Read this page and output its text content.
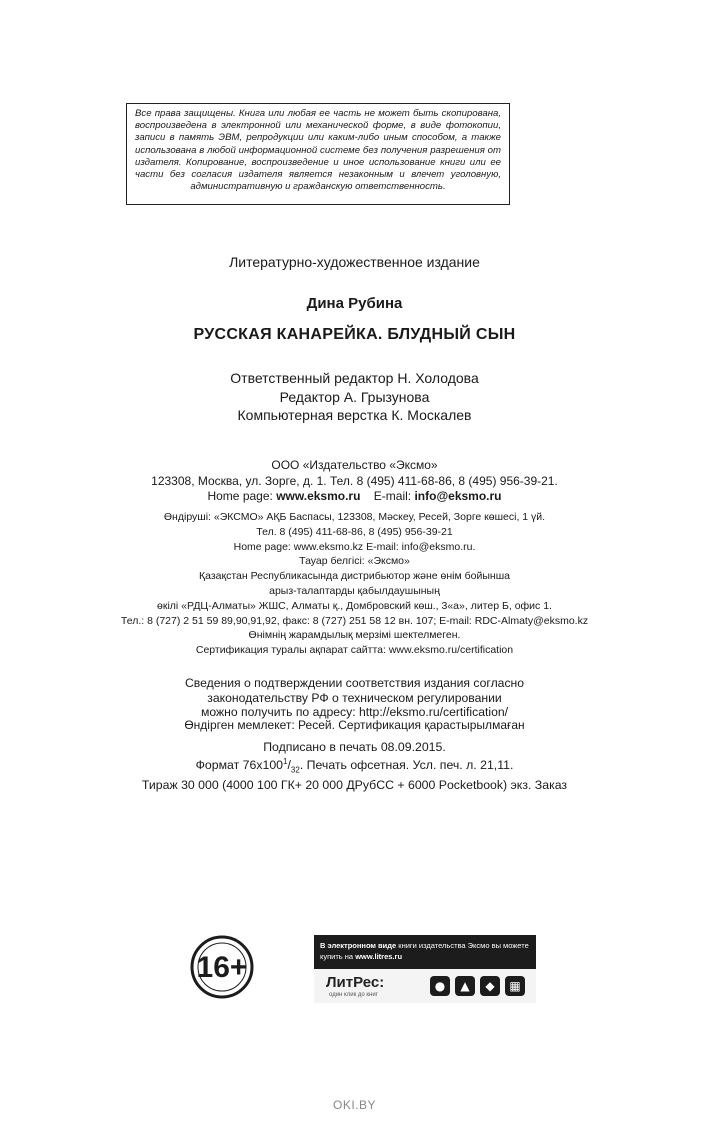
Все права защищены. Книга или любая ее часть не может быть скопирована, воспроизведена в электронной или механической форме, в виде фотокопии, записи в память ЭВМ, репродукции или каким-либо иным способом, а также использована в любой информационной системе без получения разрешения от издателя. Копирование, воспроизведение и иное использование книги или ее части без согласия издателя является незаконным и влечет уголовную, административную и гражданскую ответственность.
Литературно-художественное издание
Дина Рубина
РУССКАЯ КАНАРЕЙКА. БЛУДНЫЙ СЫН
Ответственный редактор Н. Холодова
Редактор А. Грызунова
Компьютерная верстка К. Москалев
ООО «Издательство «Эксмо»
123308, Москва, ул. Зорге, д. 1. Тел. 8 (495) 411-68-86, 8 (495) 956-39-21.
Home page: www.eksmo.ru E-mail: info@eksmo.ru
Өндіруші: «ЭКСМО» АҚБ Баспасы, 123308, Мәскеу, Ресей, Зорге көшесі, 1 үй.
Тел. 8 (495) 411-68-86, 8 (495) 956-39-21
Home page: www.eksmo.kz E-mail: info@eksmo.ru.
Тауар белгісі: «Эксмо»
Қазақстан Республикасында дистрибьютор және өнім бойынша
арыз-талаптарды қабылдаушының
өкілі «РДЦ-Алматы» ЖШС, Алматы қ., Домбровский көш., 3«а», литер Б, офис 1.
Тел.: 8 (727) 2 51 59 89,90,91,92, факс: 8 (727) 251 58 12 вн. 107; E-mail: RDC-Almaty@eksmo.kz
Өнімнің жарамдылық мерзімі шектелмеген.
Сертификация туралы ақпарат сайтта: www.eksmo.ru/certification
Сведения о подтверждении соответствия издания согласно
законодательству РФ о техническом регулировании
можно получить по адресу: http://eksmo.ru/certification/
Өндірген мемлекет: Ресей. Сертификация қарастырылмаған
Подписано в печать 08.09.2015.
Формат $76x100^1/_{32}$. Печать офсетная. Усл. печ. л. 21,11.
Тираж 30 000 (4000 100 ГК+ 20 000 ДРубСС + 6000 Pocketbook) экз. Заказ
16+
В электронном виде книги издательства Эксмо вы можете
купить на www.litres.ru
ЛитРес:
один клик до книг
●	▲	◆	▦
OKI.BY
